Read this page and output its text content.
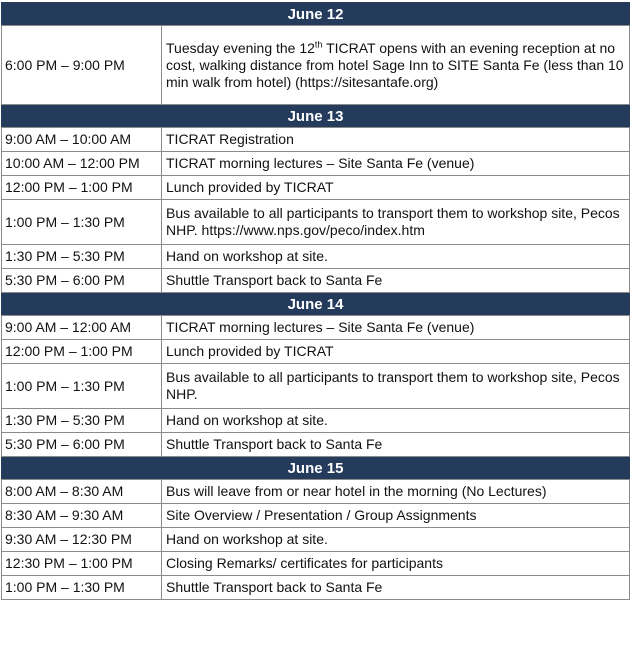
June 12	
6:00 PM – 9:00 PM	Tuesday evening the 12th TICRAT opens with an evening reception at no cost, walking distance from hotel Sage Inn to SITE Santa Fe (less than 10 min walk from hotel) (https://sitesantafe.org)
June 13	
9:00 AM – 10:00 AM	TICRAT Registration
10:00 AM – 12:00 PM	TICRAT morning lectures – Site Santa Fe (venue)
12:00 PM – 1:00 PM	Lunch provided by TICRAT
1:00 PM – 1:30 PM	Bus available to all participants to transport them to workshop site, Pecos NHP. https://www.nps.gov/peco/index.htm
1:30 PM – 5:30 PM	Hand on workshop at site.
5:30 PM – 6:00 PM	Shuttle Transport back to Santa Fe
June 14	
9:00 AM – 12:00 AM	TICRAT morning lectures – Site Santa Fe (venue)
12:00 PM – 1:00 PM	Lunch provided by TICRAT
1:00 PM – 1:30 PM	Bus available to all participants to transport them to workshop site, Pecos NHP.
1:30 PM – 5:30 PM	Hand on workshop at site.
5:30 PM – 6:00 PM	Shuttle Transport back to Santa Fe
June 15	
8:00 AM – 8:30 AM	Bus will leave from or near hotel in the morning (No Lectures)
8:30 AM – 9:30 AM	Site Overview / Presentation / Group Assignments
9:30 AM – 12:30 PM	Hand on workshop at site.
12:30 PM – 1:00 PM	Closing Remarks/ certificates for participants
1:00 PM – 1:30 PM	Shuttle Transport back to Santa Fe
